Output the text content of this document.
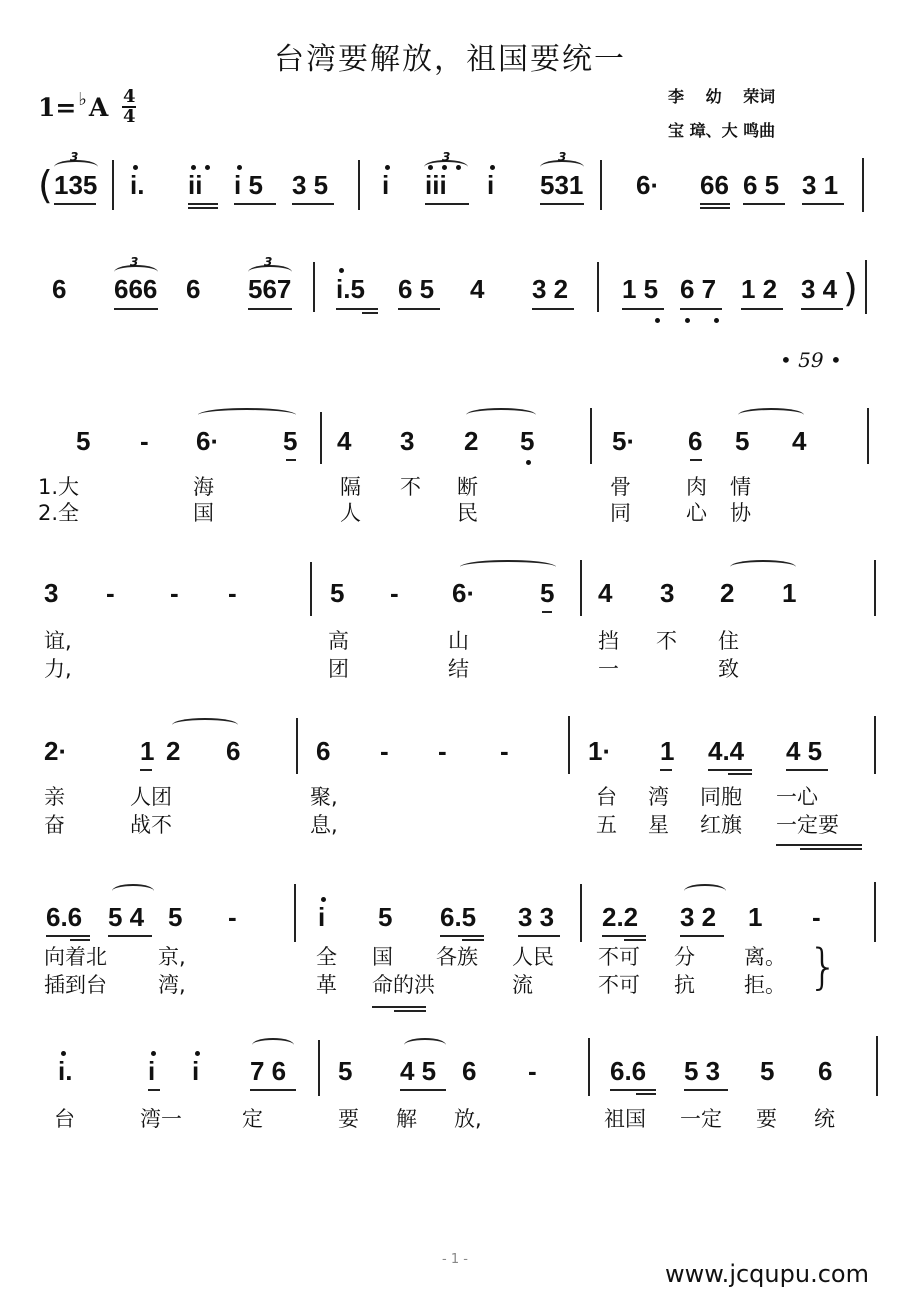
台湾要解放，祖国要统一
1= ♭ A 4
4
李　 幼 　荣词
宝 璋、大 鸣曲
(
3
135 i. ii i 5 3 5 i
3
iii i
3
531 6· 66 6 5 3 1
6
3
666 6
3
567 i.5 6 5 4 3 2 1 5 6 7 1 2 3 4 )
• 59 •
5 - 6· 5 4 3 2 5	5· 6 5 4
1.大	海	隔 不 断	骨	肉 情
2.全	国	人	民	同	心 协
3 - - -	5 - 6· 5 4 3 2 1
谊,	高	山	挡 不 住
力,	团	结	一	致
2·	1 2 6	6 - - -	1· 1 4.4 4 5
亲	人团	聚,	台 湾 同胞 一心
奋	战不	息,	五 星 红旗 一定要
6.6 5 4 5 -	i 5 6.5 3 3 2.2 3 2 1 -
向着北 京,	全 国 各族 人民 不可 分 离。
插到台 湾,	革 命的洪	流	不可 抗 拒。 }
i.	i i 7 6 5 4 5 6 -	6.6 5 3 5 6
台	湾一	定	要 解 放,	祖国 一定 要 统
- 1 -
www.jcqupu.com
